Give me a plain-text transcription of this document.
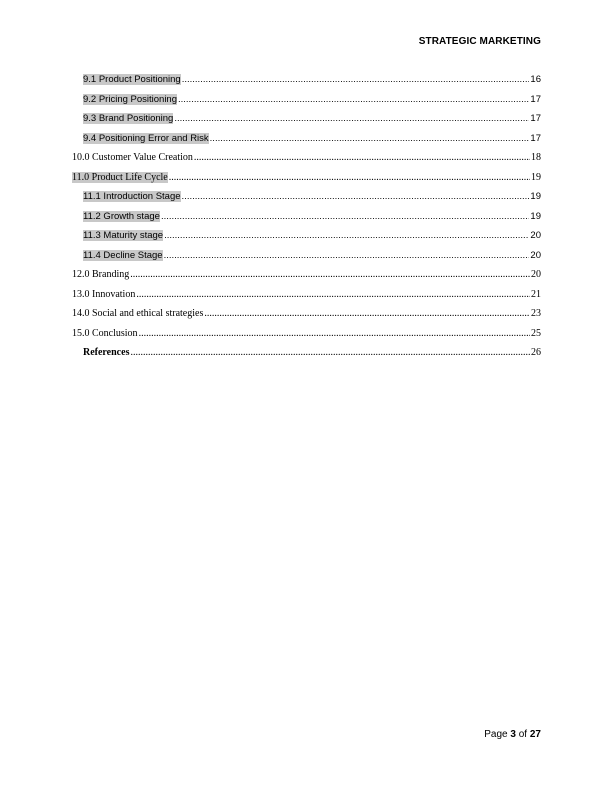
STRATEGIC MARKETING
9.1 Product Positioning .....	16
9.2 Pricing Positioning .....	17
9.3 Brand Positioning .....	17
9.4 Positioning Error and Risk .....	17
10.0 Customer Value Creation .....	18
11.0 Product Life Cycle .....	19
11.1 Introduction Stage .....	19
11.2 Growth stage .....	19
11.3 Maturity stage .....	20
11.4 Decline Stage .....	20
12.0 Branding .....	20
13.0 Innovation .....	21
14.0 Social and ethical strategies .....	23
15.0 Conclusion .....	25
References .....	26
Page 3 of 27
